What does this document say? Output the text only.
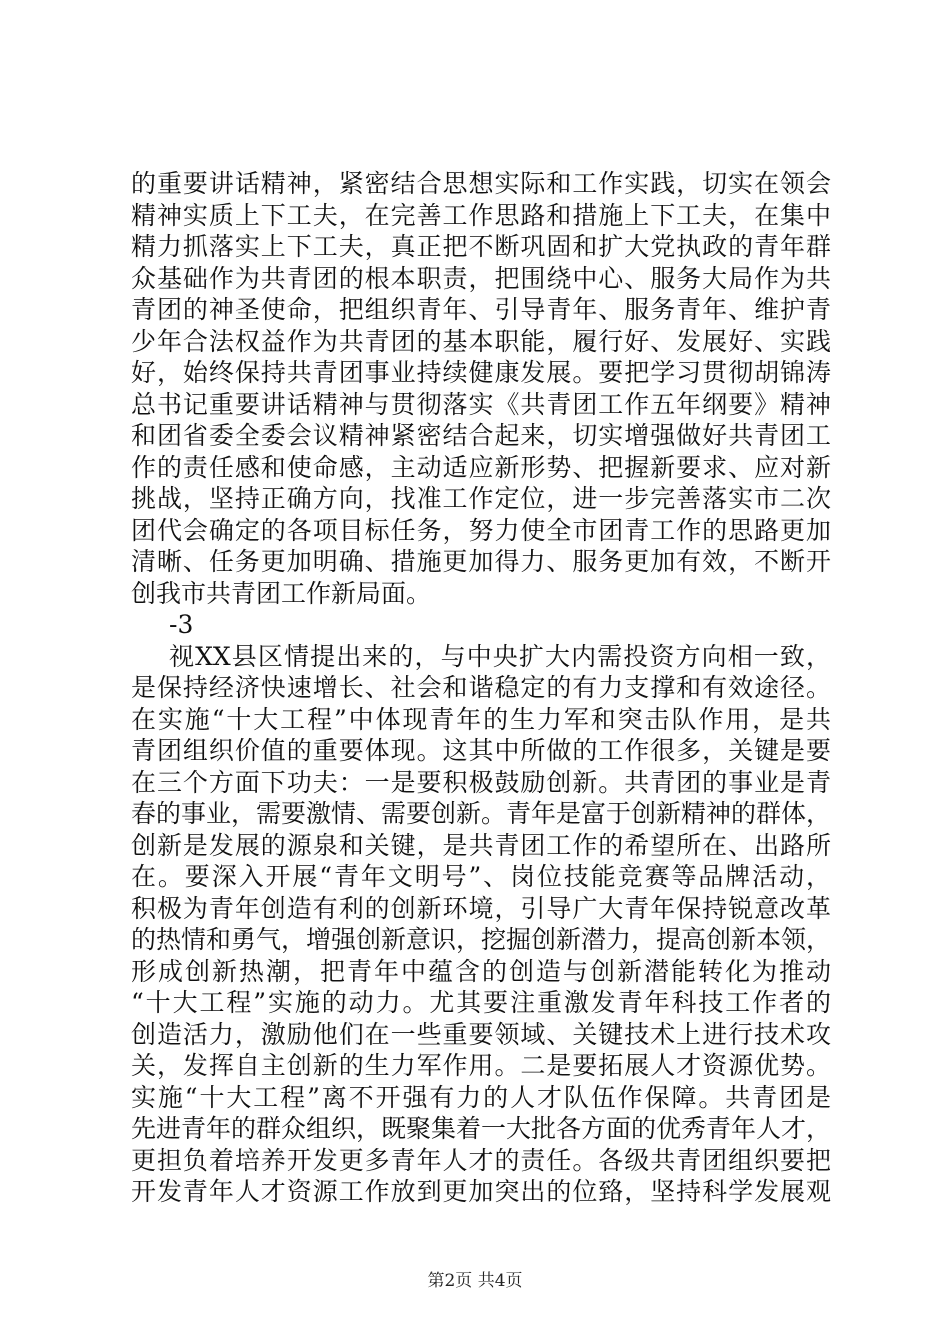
的重要讲话精神，紧密结合思想实际和工作实践，切实在领会
精神实质上下工夫，在完善工作思路和措施上下工夫，在集中
精力抓落实上下工夫，真正把不断巩固和扩大党执政的青年群
众基础作为共青团的根本职责，把围绕中心、服务大局作为共
青团的神圣使命，把组织青年、引导青年、服务青年、维护青
少年合法权益作为共青团的基本职能，履行好、发展好、实践
好，始终保持共青团事业持续健康发展。要把学习贯彻胡锦涛
总书记重要讲话精神与贯彻落实《共青团工作五年纲要》精神
和团省委全委会议精神紧密结合起来，切实增强做好共青团工
作的责任感和使命感，主动适应新形势、把握新要求、应对新
挑战，坚持正确方向，找准工作定位，进一步完善落实市二次
团代会确定的各项目标任务，努力使全市团青工作的思路更加
清晰、任务更加明确、措施更加得力、服务更加有效，不断开
创我市共青团工作新局面。
-3
视XX县区情提出来的，与中央扩大内需投资方向相一致，
是保持经济快速增长、社会和谐稳定的有力支撑和有效途径。
在实施“十大工程”中体现青年的生力军和突击队作用，是共
青团组织价值的重要体现。这其中所做的工作很多，关键是要
在三个方面下功夫：一是要积极鼓励创新。共青团的事业是青
春的事业，需要激情、需要创新。青年是富于创新精神的群体，
创新是发展的源泉和关键，是共青团工作的希望所在、出路所
在。要深入开展“青年文明号”、岗位技能竞赛等品牌活动，
积极为青年创造有利的创新环境，引导广大青年保持锐意改革
的热情和勇气，增强创新意识，挖掘创新潜力，提高创新本领，
形成创新热潮，把青年中蕴含的创造与创新潜能转化为推动
“十大工程”实施的动力。尤其要注重激发青年科技工作者的
创造活力，激励他们在一些重要领域、关键技术上进行技术攻
关，发挥自主创新的生力军作用。二是要拓展人才资源优势。
实施“十大工程”离不开强有力的人才队伍作保障。共青团是
先进青年的群众组织，既聚集着一大批各方面的优秀青年人才，
更担负着培养开发更多青年人才的责任。各级共青团组织要把
开发青年人才资源工作放到更加突出的位臵，坚持科学发展观
第2页 共4页
